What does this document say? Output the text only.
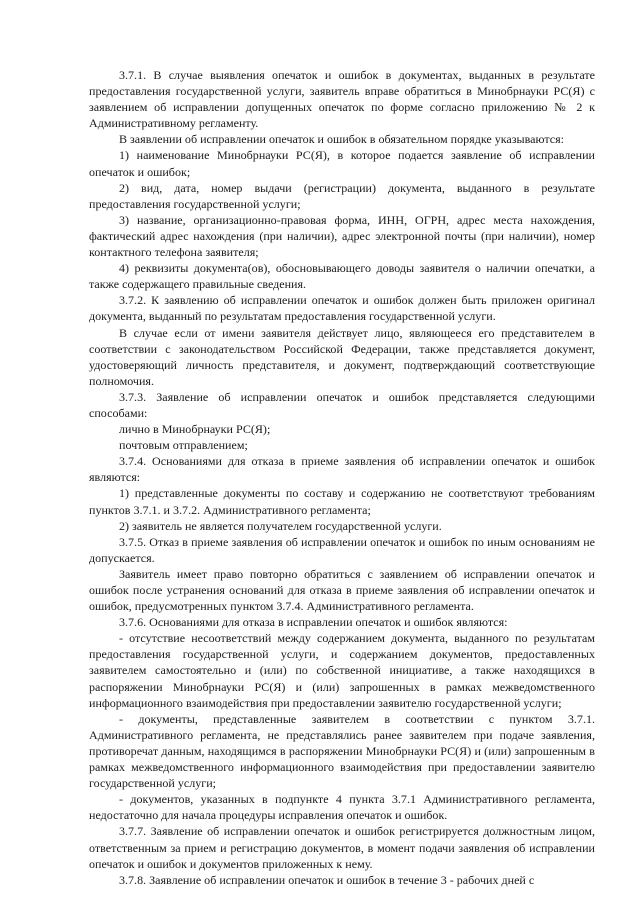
3.7.1. В случае выявления опечаток и ошибок в документах, выданных в результате предоставления государственной услуги, заявитель вправе обратиться в Минобрнауки РС(Я) с заявлением об исправлении допущенных опечаток по форме согласно приложению № 2 к Административному регламенту.

В заявлении об исправлении опечаток и ошибок в обязательном порядке указываются:

1) наименование Минобрнауки РС(Я), в которое подается заявление об исправлении опечаток и ошибок;

2) вид, дата, номер выдачи (регистрации) документа, выданного в результате предоставления государственной услуги;

3) название, организационно-правовая форма, ИНН, ОГРН, адрес места нахождения, фактический адрес нахождения (при наличии), адрес электронной почты (при наличии), номер контактного телефона заявителя;

4) реквизиты документа(ов), обосновывающего доводы заявителя о наличии опечатки, а также содержащего правильные сведения.

3.7.2. К заявлению об исправлении опечаток и ошибок должен быть приложен оригинал документа, выданный по результатам предоставления государственной услуги.

В случае если от имени заявителя действует лицо, являющееся его представителем в соответствии с законодательством Российской Федерации, также представляется документ, удостоверяющий личность представителя, и документ, подтверждающий соответствующие полномочия.

3.7.3. Заявление об исправлении опечаток и ошибок представляется следующими способами:

лично в Минобрнауки РС(Я);

почтовым отправлением;

3.7.4. Основаниями для отказа в приеме заявления об исправлении опечаток и ошибок являются:

1) представленные документы по составу и содержанию не соответствуют требованиям пунктов 3.7.1. и 3.7.2. Административного регламента;

2) заявитель не является получателем государственной услуги.

3.7.5. Отказ в приеме заявления об исправлении опечаток и ошибок по иным основаниям не допускается.

Заявитель имеет право повторно обратиться с заявлением об исправлении опечаток и ошибок после устранения оснований для отказа в приеме заявления об исправлении опечаток и ошибок, предусмотренных пунктом 3.7.4. Административного регламента.

3.7.6. Основаниями для отказа в исправлении опечаток и ошибок являются:

- отсутствие несоответствий между содержанием документа, выданного по результатам предоставления государственной услуги, и содержанием документов, предоставленных заявителем самостоятельно и (или) по собственной инициативе, а также находящихся в распоряжении Минобрнауки РС(Я) и (или) запрошенных в рамках межведомственного информационного взаимодействия при предоставлении заявителю государственной услуги;

- документы, представленные заявителем в соответствии с пунктом 3.7.1. Административного регламента, не представлялись ранее заявителем при подаче заявления, противоречат данным, находящимся в распоряжении Минобрнауки РС(Я) и (или) запрошенным в рамках межведомственного информационного взаимодействия при предоставлении заявителю государственной услуги;

- документов, указанных в подпункте 4 пункта 3.7.1 Административного регламента, недостаточно для начала процедуры исправления опечаток и ошибок.

3.7.7. Заявление об исправлении опечаток и ошибок регистрируется должностным лицом, ответственным за прием и регистрацию документов, в момент подачи заявления об исправлении опечаток и ошибок и документов приложенных к нему.

3.7.8. Заявление об исправлении опечаток и ошибок в течение 3 - рабочих дней с
